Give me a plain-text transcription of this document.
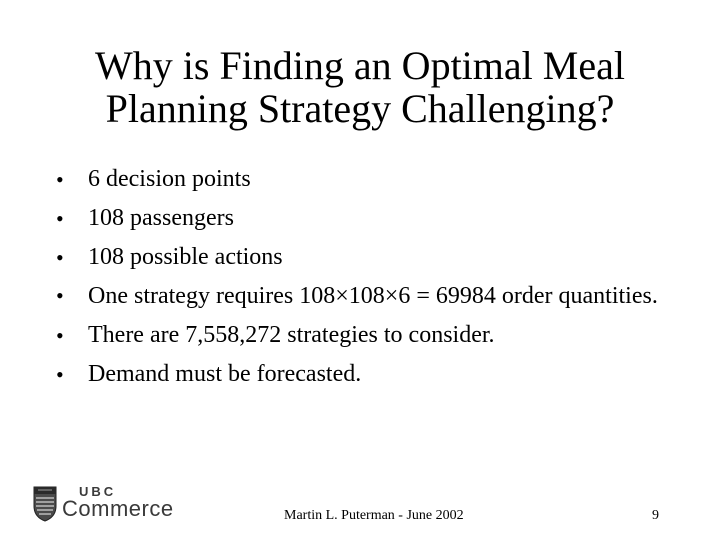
Why is Finding an Optimal Meal
Planning Strategy Challenging?
• 6 decision points
• 108 passengers
• 108 possible actions
• One strategy requires 108×108×6 = 69984 order quantities.
• There are 7,558,272 strategies to consider.
• Demand must be forecasted.
UBC
Commerce	Martin L. Puterman - June 2002	9
